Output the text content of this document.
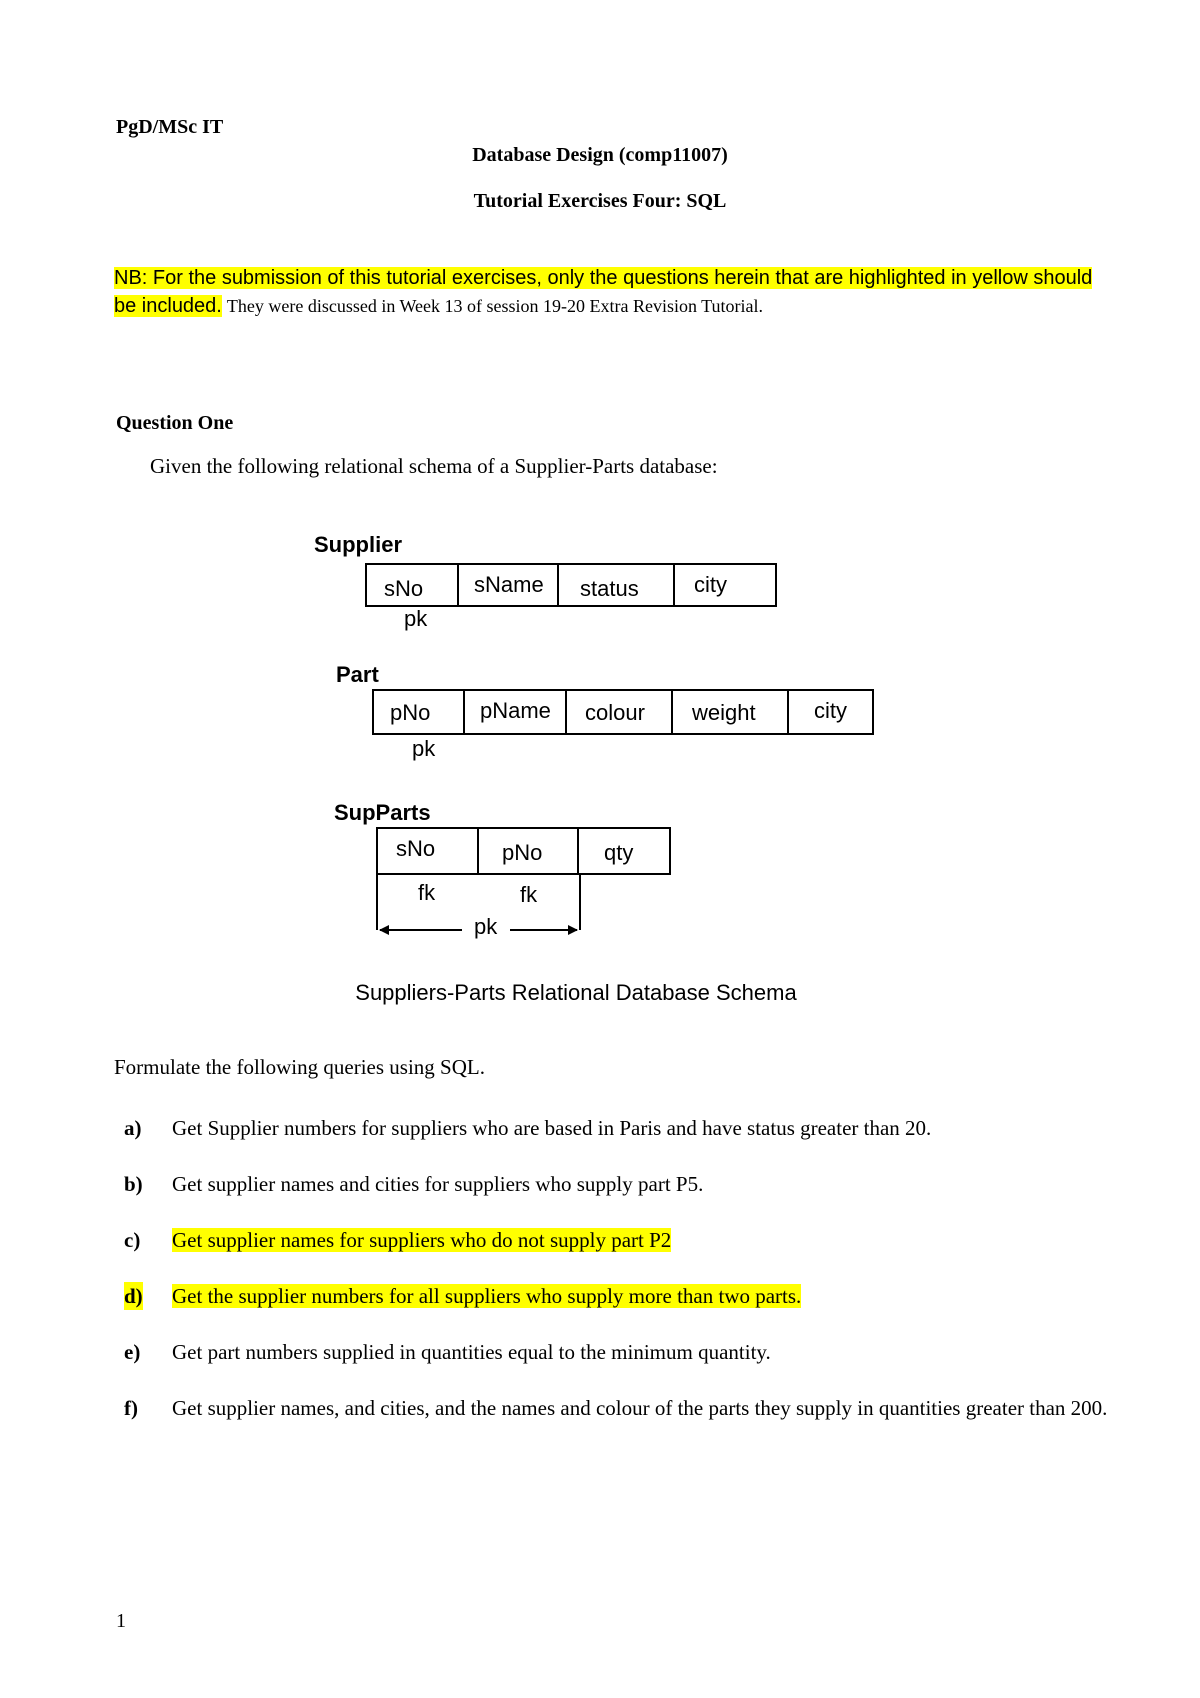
PgD/MSc IT
Database Design (comp11007)
Tutorial Exercises Four: SQL
NB: For the submission of this tutorial exercises, only the questions herein that are highlighted in yellow should be included. They were discussed in Week 13 of session 19-20 Extra Revision Tutorial.
Question One
Given the following relational schema of a Supplier-Parts database:
Supplier
sNo sName status	city
pk
Part
pNo pName colour weight	city
pk
SupParts
sNo	pNo	qty
fk	fk
pk
Suppliers-Parts Relational Database Schema
Formulate the following queries using SQL.
a) Get Supplier numbers for suppliers who are based in Paris and have status greater than 20.
b) Get supplier names and cities for suppliers who supply part P5.
c) Get supplier names for suppliers who do not supply part P2
d) Get the supplier numbers for all suppliers who supply more than two parts.
e) Get part numbers supplied in quantities equal to the minimum quantity.
f) Get supplier names, and cities, and the names and colour of the parts they supply in quantities greater than 200.
1
